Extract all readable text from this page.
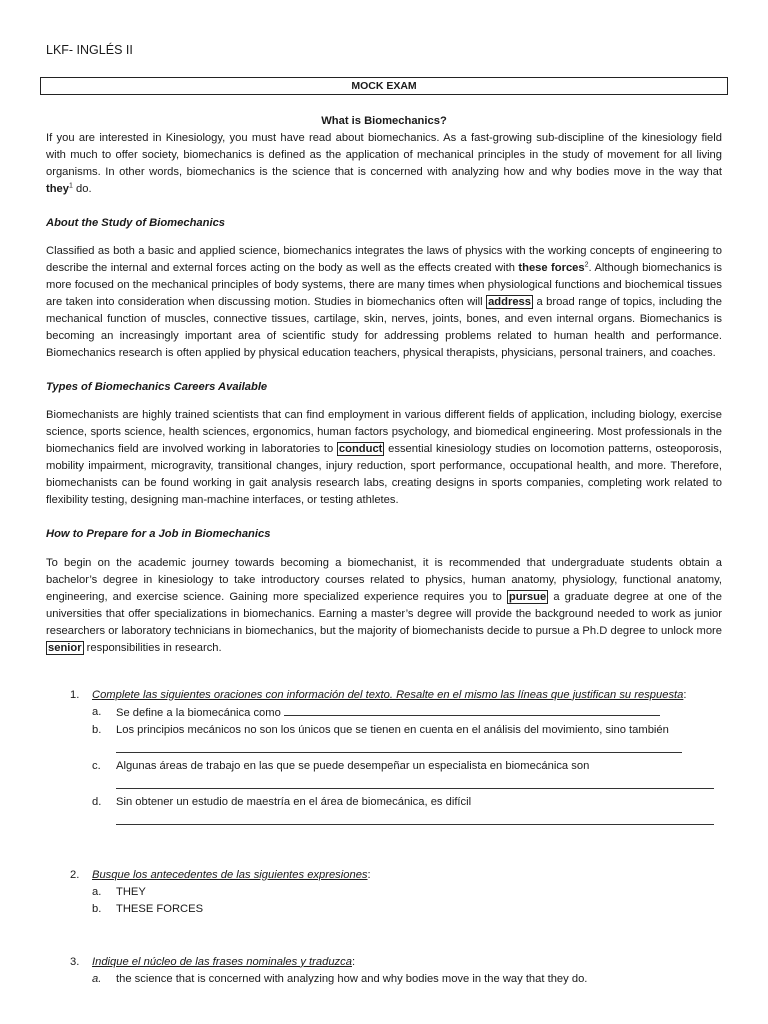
LKF- INGLÉS II
MOCK EXAM

What is Biomechanics?

If you are interested in Kinesiology, you must have read about biomechanics. As a fast-growing sub-discipline of the kinesiology field with much to offer society, biomechanics is defined as the application of mechanical principles in the study of movement for all living organisms. In other words, biomechanics is the science that is concerned with analyzing how and why bodies move in the way that they$^1$ do.

About the Study of Biomechanics

Classified as both a basic and applied science, biomechanics integrates the laws of physics with the working concepts of engineering to describe the internal and external forces acting on the body as well as the effects created with these forces$^2$. Although biomechanics is more focused on the mechanical principles of body systems, there are many times when physiological functions and biochemical tissues are taken into consideration when discussing motion. Studies in biomechanics often will address a broad range of topics, including the mechanical function of muscles, connective tissues, cartilage, skin, nerves, joints, bones, and even internal organs. Biomechanics is becoming an increasingly important area of scientific study for addressing problems related to human health and performance. Biomechanics research is often applied by physical education teachers, physical therapists, physicians, personal trainers, and coaches.

Types of Biomechanics Careers Available

Biomechanists are highly trained scientists that can find employment in various different fields of application, including biology, exercise science, sports science, health sciences, ergonomics, human factors psychology, and biomedical engineering. Most professionals in the biomechanics field are involved working in laboratories to conduct essential kinesiology studies on locomotion patterns, osteoporosis, mobility impairment, microgravity, transitional changes, injury reduction, sport performance, occupational health, and more. Therefore, biomechanists can be found working in gait analysis research labs, creating designs in sports companies, completing work related to flexibility testing, designing man-machine interfaces, or testing athletes.

How to Prepare for a Job in Biomechanics

To begin on the academic journey towards becoming a biomechanist, it is recommended that undergraduate students obtain a bachelor’s degree in kinesiology to take introductory courses related to physics, human anatomy, physiology, functional anatomy, engineering, and exercise science. Gaining more specialized experience requires you to pursue a graduate degree at one of the universities that offer specializations in biomechanics. Earning a master’s degree will provide the background needed to work as junior researchers or laboratory technicians in biomechanics, but the majority of biomechanists decide to pursue a Ph.D degree to unlock more senior responsibilities in research.

1. Complete las siguientes oraciones con información del texto. Resalte en el mismo las líneas que justifican su respuesta:
a. Se define a la biomecánica como
b. Los principios mecánicos no son los únicos que se tienen en cuenta en el análisis del movimiento, sino también
c. Algunas áreas de trabajo en las que se puede desempeñar un especialista en biomecánica son
d. Sin obtener un estudio de maestría en el área de biomecánica, es difícil
2. Busque los antecedentes de las siguientes expresiones:
a. THEY
b. THESE FORCES
3. Indique el núcleo de las frases nominales y traduzca:
a. the science that is concerned with analyzing how and why bodies move in the way that they do.
